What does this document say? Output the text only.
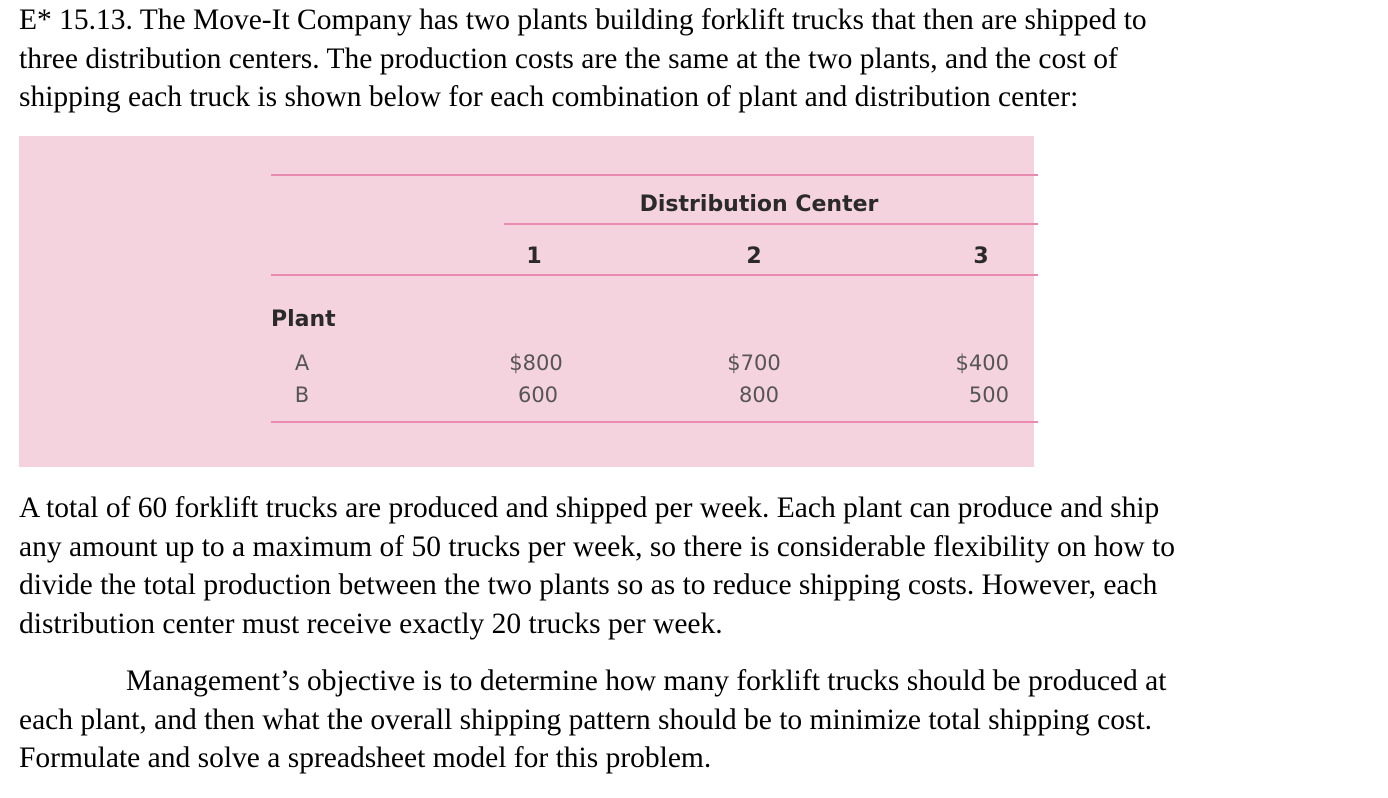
E* 15.13. The Move-It Company has two plants building forklift trucks that then are shipped to
three distribution centers. The production costs are the same at the two plants, and the cost of
shipping each truck is shown below for each combination of plant and distribution center:

Distribution Center
1	2	3
Plant
A	$800	$700	$400
B	600	800	500

A total of 60 forklift trucks are produced and shipped per week. Each plant can produce and ship
any amount up to a maximum of 50 trucks per week, so there is considerable flexibility on how to
divide the total production between the two plants so as to reduce shipping costs. However, each
distribution center must receive exactly 20 trucks per week.

Management’s objective is to determine how many forklift trucks should be produced at
each plant, and then what the overall shipping pattern should be to minimize total shipping cost.
Formulate and solve a spreadsheet model for this problem.
